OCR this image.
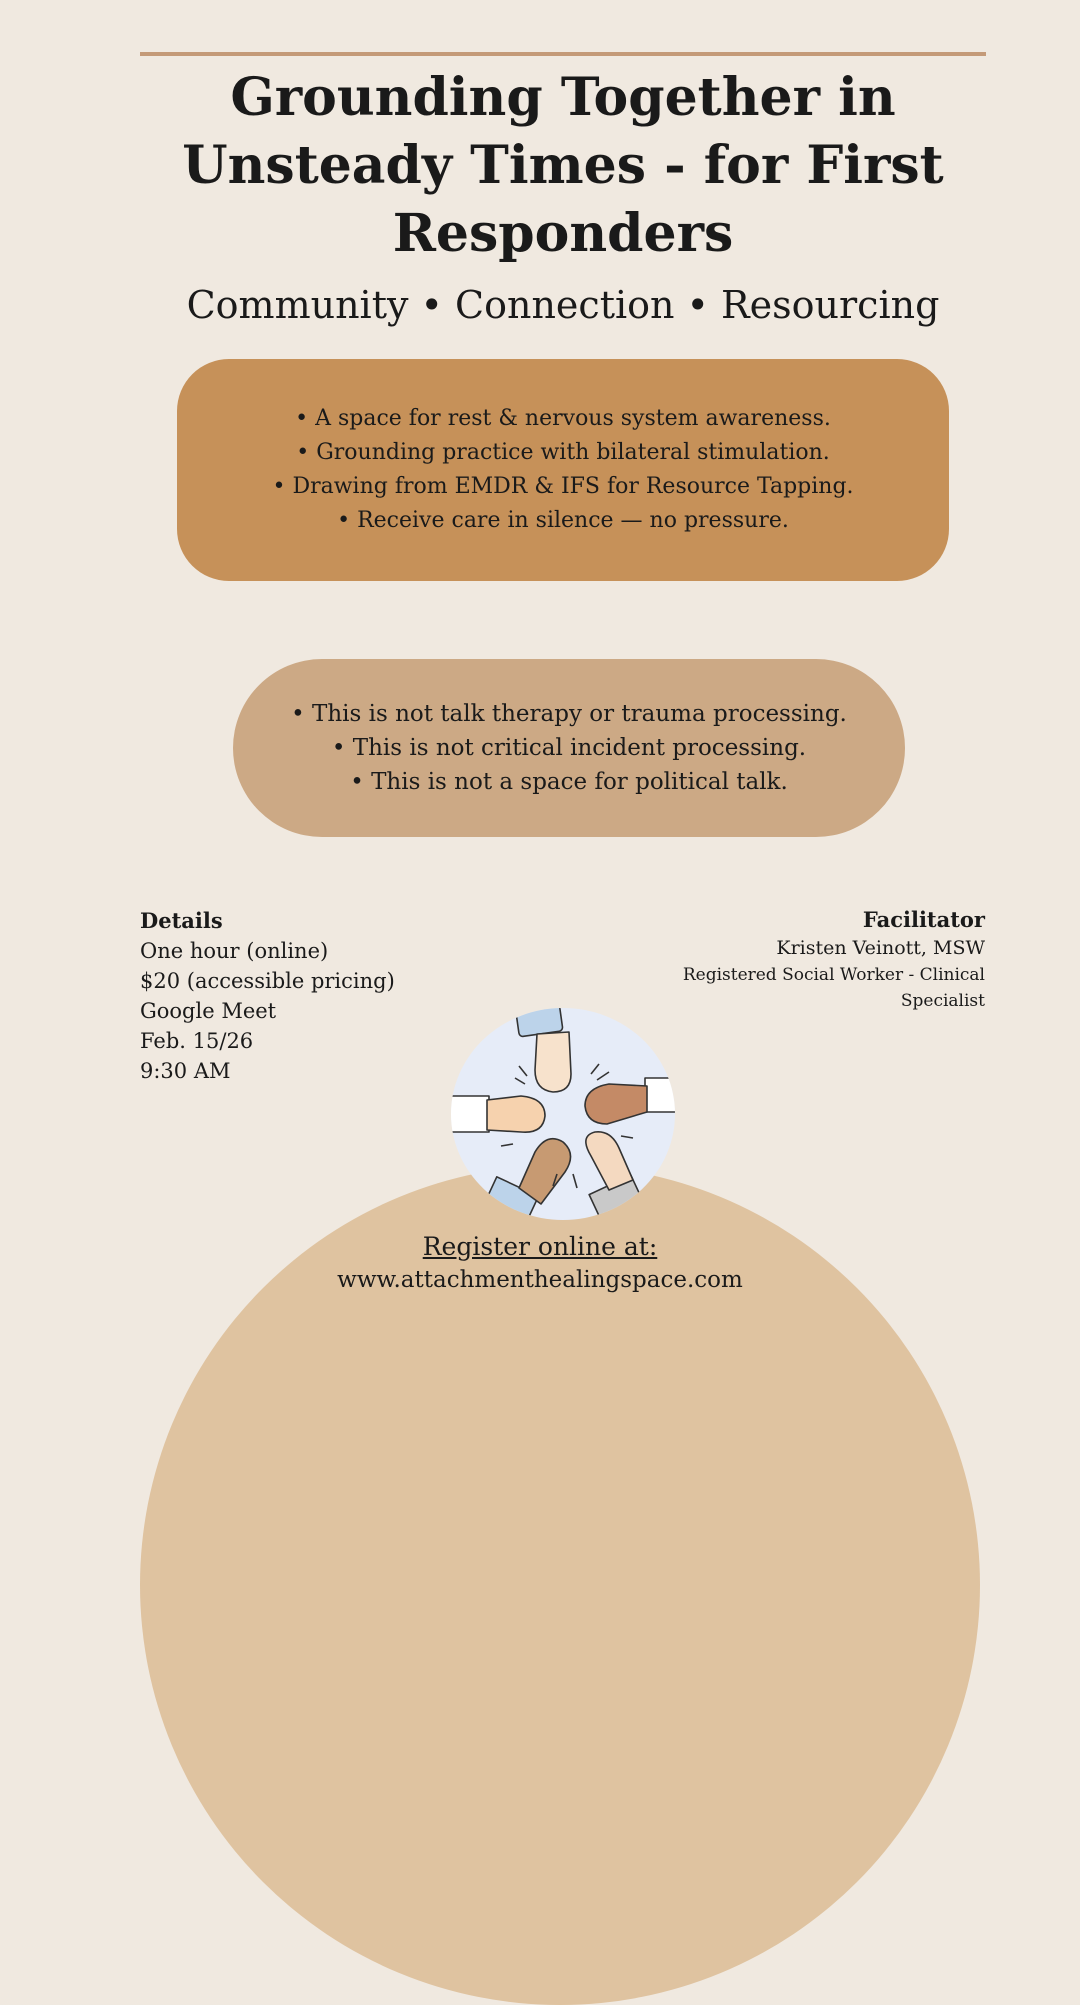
Grounding Together in
Unsteady Times - for First
Responders

Community • Connection • Resourcing

• A space for rest & nervous system awareness.
• Grounding practice with bilateral stimulation.
• Drawing from EMDR & IFS for Resource Tapping.
• Receive care in silence — no pressure.
• This is not talk therapy or trauma processing.
• This is not critical incident processing.
• This is not a space for political talk.
Details
One hour (online)
$20 (accessible pricing)
Google Meet
Feb. 15/26
9:30 AM
Facilitator
Kristen Veinott, MSW
Registered Social Worker - Clinical
Specialist
Register online at:
www.attachmenthealingspace.com
